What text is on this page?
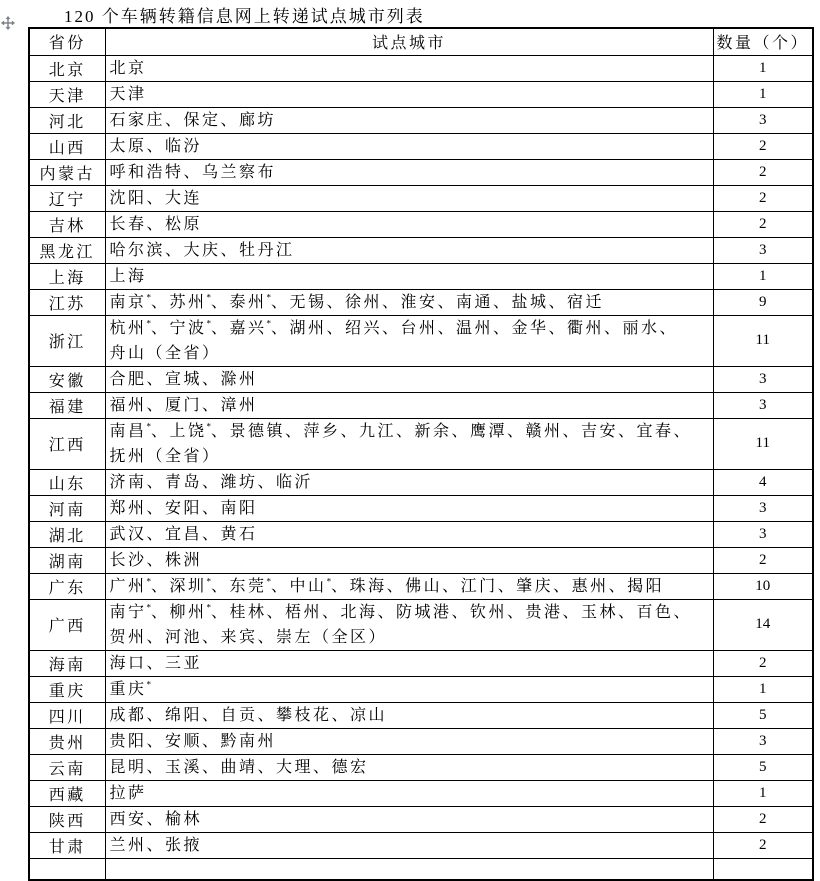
120 个车辆转籍信息网上转递试点城市列表
省份	试点城市	数量（个）
北京	北京	1
天津	天津	1
河北	石家庄、保定、廊坊	3
山西	太原、临汾	2
内蒙古	呼和浩特、乌兰察布	2
辽宁	沈阳、大连	2
吉林	长春、松原	2
黑龙江	哈尔滨、大庆、牡丹江	3
上海	上海	1
江苏	南京*、苏州*、泰州*、无锡、徐州、淮安、南通、盐城、宿迁	9
浙江	杭州*、宁波*、嘉兴*、湖州、绍兴、台州、温州、金华、衢州、丽水、
舟山（全省）	11
安徽	合肥、宣城、滁州	3
福建	福州、厦门、漳州	3
江西	南昌*、上饶*、景德镇、萍乡、九江、新余、鹰潭、赣州、吉安、宜春、
抚州（全省）	11
山东	济南、青岛、潍坊、临沂	4
河南	郑州、安阳、南阳	3
湖北	武汉、宜昌、黄石	3
湖南	长沙、株洲	2
广东	广州*、深圳*、东莞*、中山*、珠海、佛山、江门、肇庆、惠州、揭阳	10
广西	南宁*、柳州*、桂林、梧州、北海、防城港、钦州、贵港、玉林、百色、
贺州、河池、来宾、崇左（全区）	14
海南	海口、三亚	2
重庆	重庆*	1
四川	成都、绵阳、自贡、攀枝花、凉山	5
贵州	贵阳、安顺、黔南州	3
云南	昆明、玉溪、曲靖、大理、德宏	5
西藏	拉萨	1
陕西	西安、榆林	2
甘肃	兰州、张掖	2
